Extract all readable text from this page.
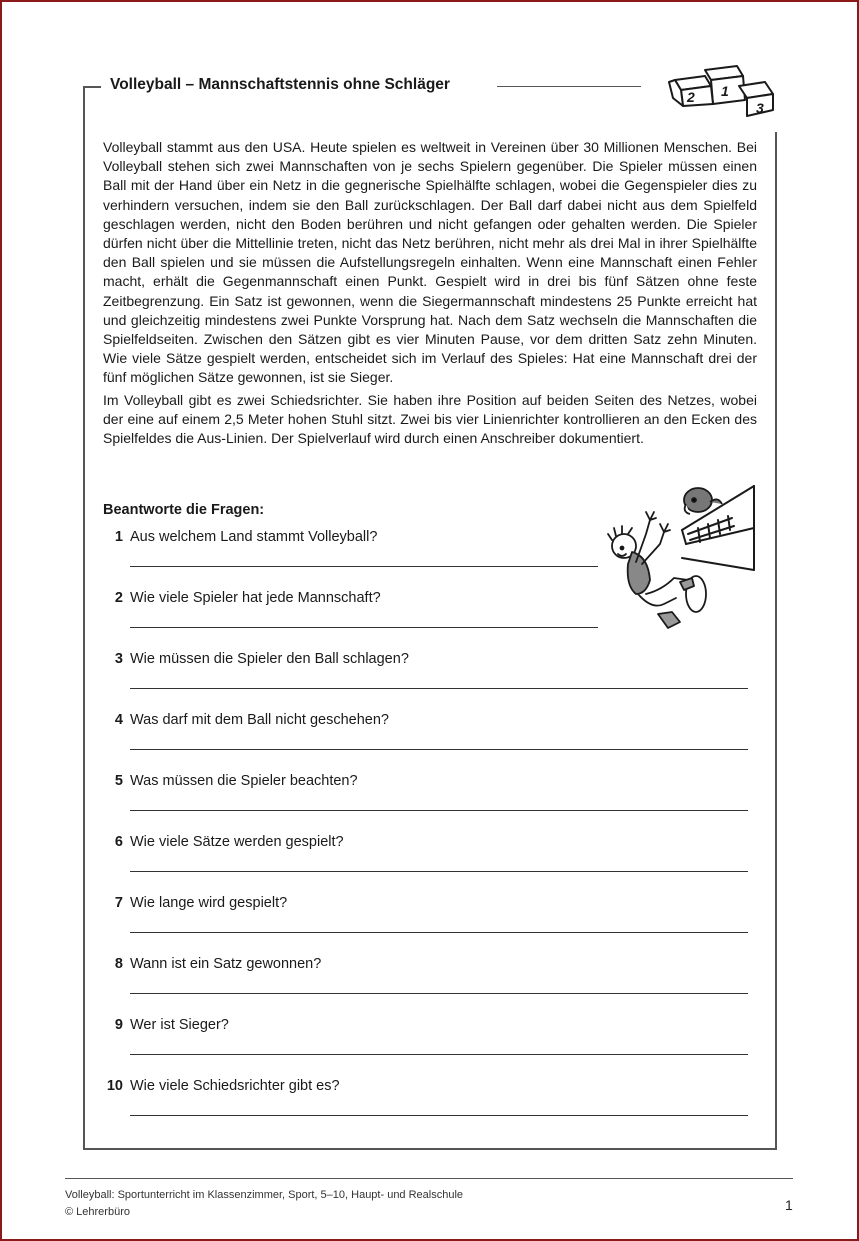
Volleyball – Mannschaftstennis ohne Schläger
2 1
3

Volleyball stammt aus den USA. Heute spielen es weltweit in Vereinen über 30 Millionen Menschen. Bei Volleyball stehen sich zwei Mannschaften von je sechs Spielern gegenüber. Die Spieler müssen einen Ball mit der Hand über ein Netz in die gegnerische Spielhälfte schlagen, wobei die Gegenspieler dies zu verhindern versuchen, indem sie den Ball zurückschlagen. Der Ball darf dabei nicht aus dem Spielfeld geschlagen werden, nicht den Boden berühren und nicht gefangen oder gehalten werden. Die Spieler dürfen nicht über die Mittellinie treten, nicht das Netz berühren, nicht mehr als drei Mal in ihrer Spielhälfte den Ball spielen und sie müssen die Aufstellungsregeln einhalten. Wenn eine Mannschaft einen Fehler macht, erhält die Gegenmannschaft einen Punkt. Gespielt wird in drei bis fünf Sätzen ohne feste Zeitbegrenzung. Ein Satz ist gewonnen, wenn die Siegermannschaft mindestens 25 Punkte erreicht hat und gleichzeitig mindestens zwei Punkte Vorsprung hat. Nach dem Satz wechseln die Mannschaften die Spielfeldseiten. Zwischen den Sätzen gibt es vier Minuten Pause, vor dem dritten Satz zehn Minuten. Wie viele Sätze gespielt werden, entscheidet sich im Verlauf des Spieles: Hat eine Mannschaft drei der fünf möglichen Sätze gewonnen, ist sie Sieger.

Im Volleyball gibt es zwei Schiedsrichter. Sie haben ihre Position auf beiden Seiten des Netzes, wobei der eine auf einem 2,5 Meter hohen Stuhl sitzt. Zwei bis vier Linienrichter kontrollieren an den Ecken des Spielfeldes die Aus-Linien. Der Spielverlauf wird durch einen Anschreiber dokumentiert.

Beantworte die Fragen:
1 Aus welchem Land stammt Volleyball?
2 Wie viele Spieler hat jede Mannschaft?
3 Wie müssen die Spieler den Ball schlagen?
4 Was darf mit dem Ball nicht geschehen?
5 Was müssen die Spieler beachten?
6 Wie viele Sätze werden gespielt?
7 Wie lange wird gespielt?
8 Wann ist ein Satz gewonnen?
9 Wer ist Sieger?
10 Wie viele Schiedsrichter gibt es?
Volleyball: Sportunterricht im Klassenzimmer, Sport, 5–10, Haupt- und Realschule
© Lehrerbüro	1
